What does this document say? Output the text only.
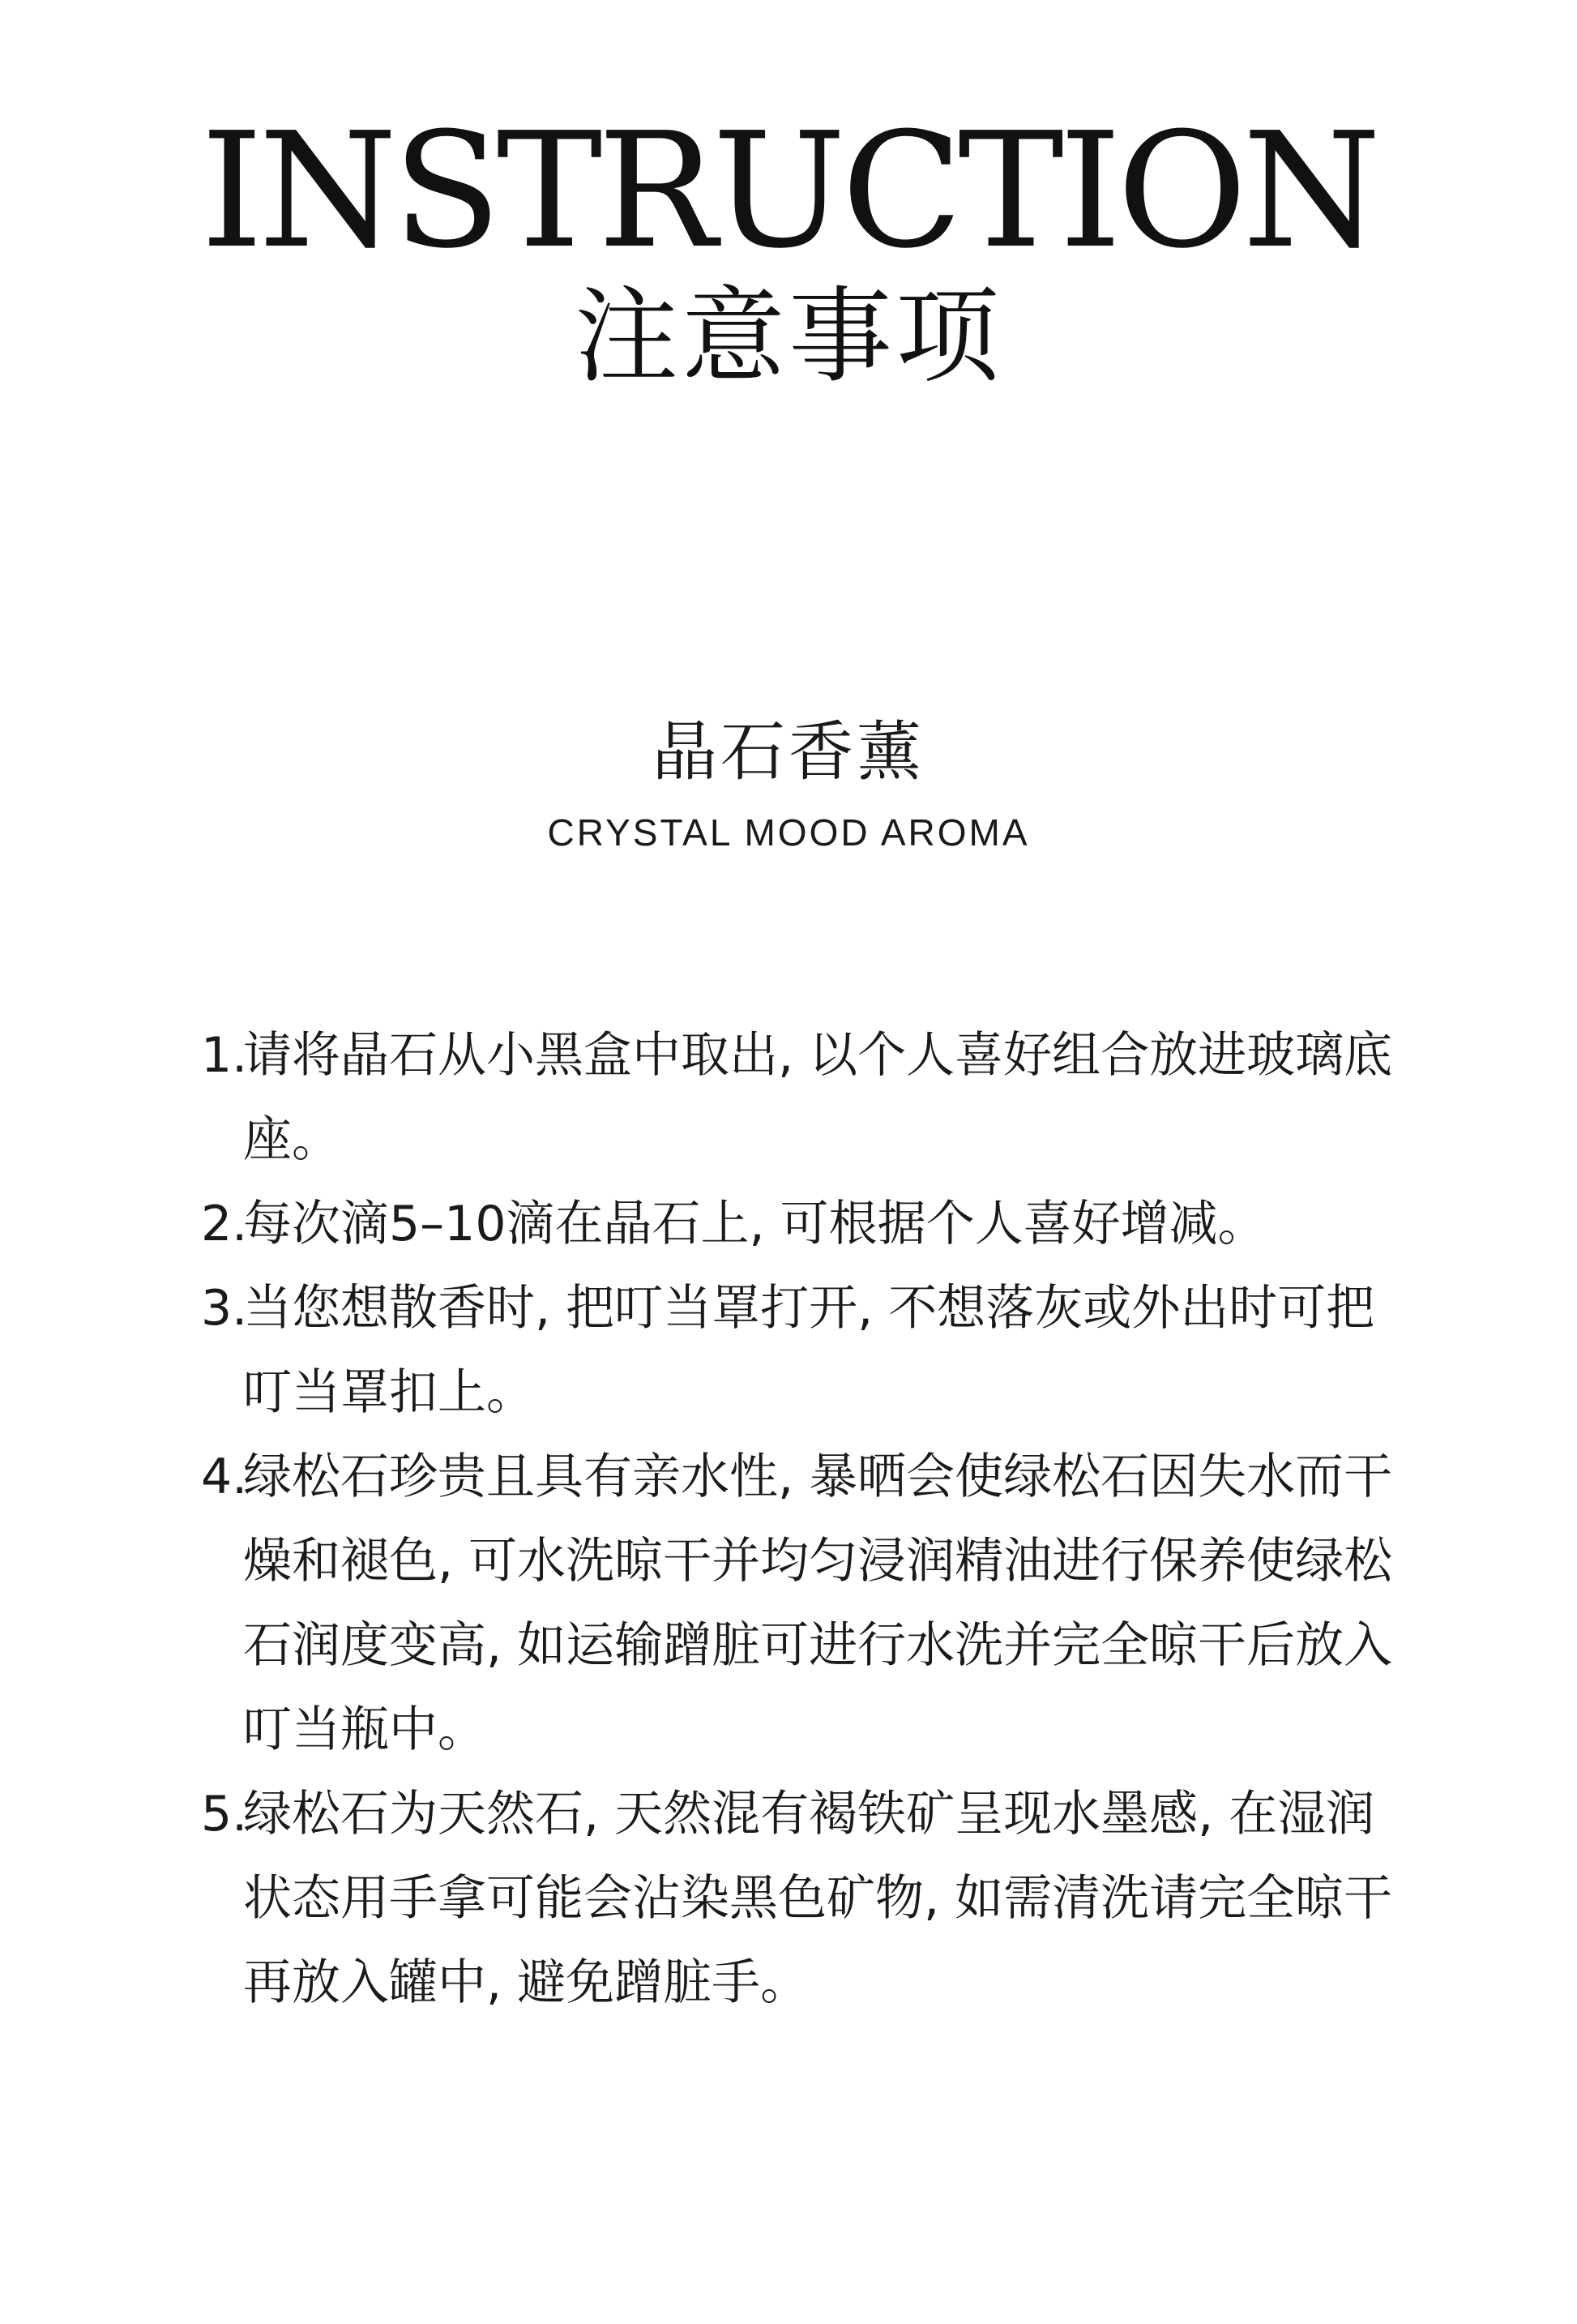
INSTRUCTION
注意事项
晶石香薰
CRYSTAL MOOD AROMA
1.
请将晶石从小黑盒中取出, 以个人喜好组合放进玻璃底座。
2.
每次滴5–10滴在晶石上, 可根据个人喜好增减。
3.
当您想散香时, 把叮当罩打开, 不想落灰或外出时可把叮当罩扣上。
4.
绿松石珍贵且具有亲水性, 暴晒会使绿松石因失水而干燥和褪色, 可水洗晾干并均匀浸润精油进行保养使绿松石润度变高, 如运输蹭脏可进行水洗并完全晾干后放入叮当瓶中。
5.
绿松石为天然石, 天然混有褐铁矿呈现水墨感, 在湿润状态用手拿可能会沾染黑色矿物, 如需清洗请完全晾干再放入罐中, 避免蹭脏手。
